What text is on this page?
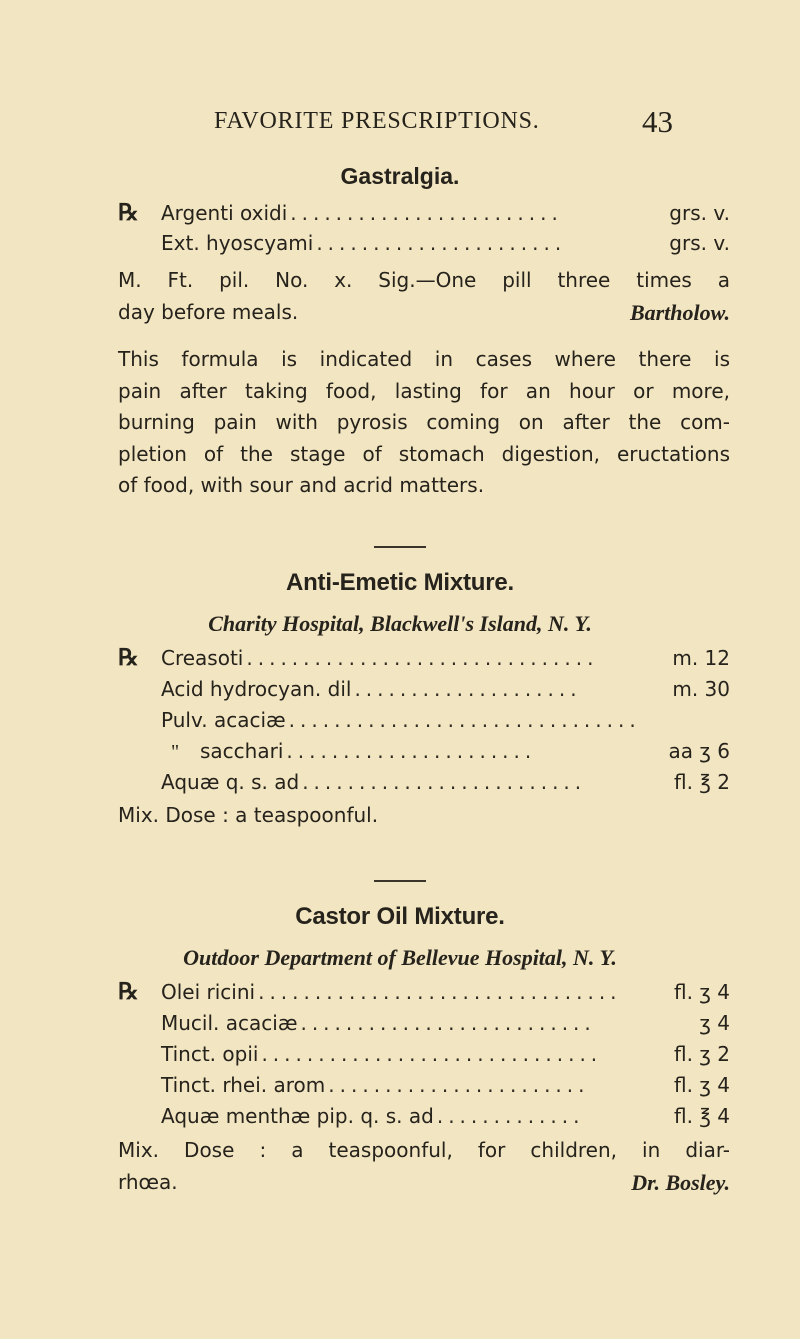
FAVORITE PRESCRIPTIONS.	43
Gastralgia.
℞	Argenti oxidi ........................	grs. v.
Ext. hyoscyami ......................	grs. v.
M. Ft. pil. No. x. Sig.—One pill three times a
day before meals.	Bartholow.
This formula is indicated in cases where there is
pain after taking food, lasting for an hour or more,
burning pain with pyrosis coming on after the com-
pletion of the stage of stomach digestion, eructations
of food, with sour and acrid matters.
Anti-Emetic Mixture.
Charity Hospital, Blackwell's Island, N. Y.
℞	Creasoti ...............................	m. 12
Acid hydrocyan. dil ....................	m. 30
Pulv. acaciæ ...............................
"	sacchari ......................	aa ʒ 6
Aquæ q. s. ad .........................	fl. ℥ 2
Mix. Dose : a teaspoonful.
Castor Oil Mixture.
Outdoor Department of Bellevue Hospital, N. Y.
℞	Olei ricini ................................	fl. ʒ 4
Mucil. acaciæ ..........................	ʒ 4
Tinct. opii ..............................	fl. ʒ 2
Tinct. rhei. arom .......................	fl. ʒ 4
Aquæ menthæ pip. q. s. ad .............	fl. ℥ 4
Mix. Dose : a teaspoonful, for children, in diar-
rhœa.	Dr. Bosley.
